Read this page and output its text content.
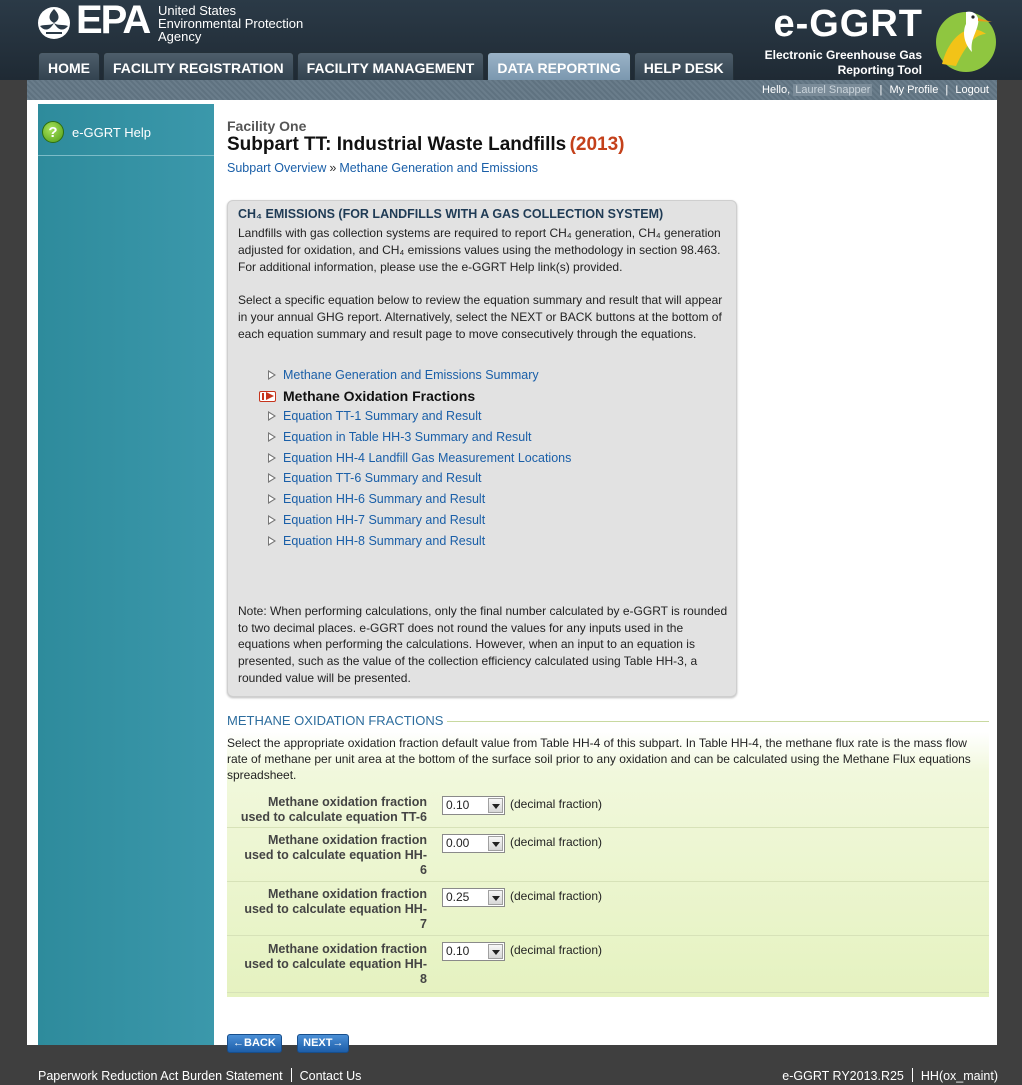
EPA United States
Environmental Protection
Agency	e-GGRT
Electronic Greenhouse Gas
Reporting Tool
HOME	FACILITY REGISTRATION	FACILITY MANAGEMENT	DATA REPORTING	HELP DESK
Hello, Laurel Snapper | My Profile | Logout
?	e-GGRT Help	Facility One
Subpart TT: Industrial Waste Landfills (2013)
Subpart Overview » Methane Generation and Emissions
CH₄ EMISSIONS (FOR LANDFILLS WITH A GAS COLLECTION SYSTEM)

Landfills with gas collection systems are required to report CH₄ generation, CH₄ generation adjusted for oxidation, and CH₄ emissions values using the methodology in section 98.463. For additional information, please use the e-GGRT Help link(s) provided.

Select a specific equation below to review the equation summary and result that will appear in your annual GHG report. Alternatively, select the NEXT or BACK buttons at the bottom of each equation summary and result page to move consecutively through the equations.

Methane Generation and Emissions Summary
Methane Oxidation Fractions
Equation TT-1 Summary and Result
Equation in Table HH-3 Summary and Result
Equation HH-4 Landfill Gas Measurement Locations
Equation TT-6 Summary and Result
Equation HH-6 Summary and Result
Equation HH-7 Summary and Result
Equation HH-8 Summary and Result
Note: When performing calculations, only the final number calculated by e-GGRT is rounded to two decimal places. e-GGRT does not round the values for any inputs used in the equations when performing the calculations. However, when an input to an equation is presented, such as the value of the collection efficiency calculated using Table HH-3, a rounded value will be presented.
METHANE OXIDATION FRACTIONS

Select the appropriate oxidation fraction default value from Table HH-4 of this subpart. In Table HH-4, the methane flux rate is the mass flow rate of methane per unit area at the bottom of the surface soil prior to any oxidation and can be calculated using the Methane Flux equations spreadsheet.

Methane oxidation fraction
used to calculate equation TT-6
0.10	(decimal fraction)
Methane oxidation fraction
used to calculate equation HH-
6
0.00	(decimal fraction)
Methane oxidation fraction
used to calculate equation HH-
7
0.25	(decimal fraction)
Methane oxidation fraction
used to calculate equation HH-
8
0.10	(decimal fraction)
←BACK NEXT→
Paperwork Reduction Act Burden Statement Contact Us	e-GGRT RY2013.R25 HH(ox_maint)
